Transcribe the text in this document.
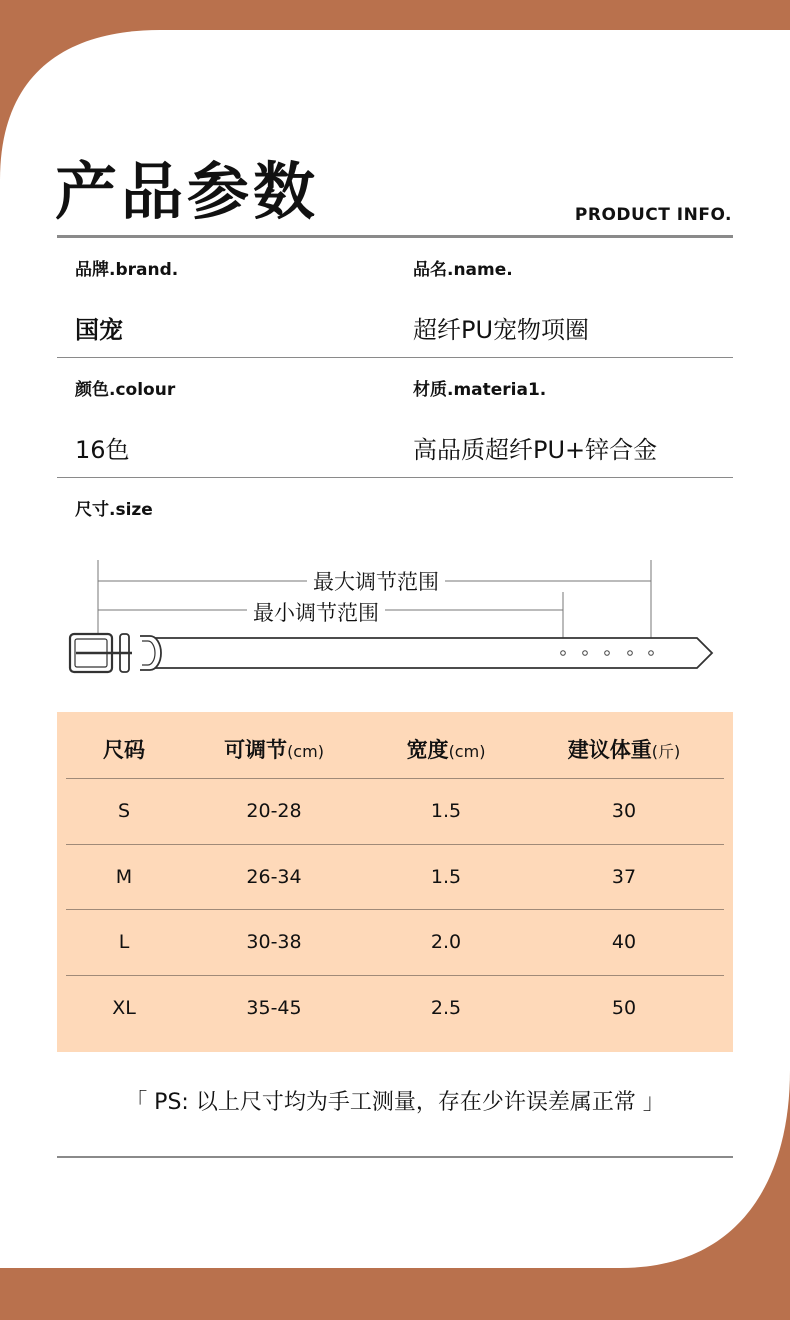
产品参数	PRODUCT INFO.
品牌.brand.	品名.name.
国宠	超纤PU宠物项圈
颜色.colour	材质.materia1.
16色	高品质超纤PU+锌合金
尺寸.size
最大调节范围
最小调节范围
尺码	可调节(cm)	宽度(cm)	建议体重(斤)
S	20-28	1.5	30
M	26-34	1.5	37
L	30-38	2.0	40
XL	35-45	2.5	50
「 PS: 以上尺寸均为手工测量，存在少许误差属正常 」
